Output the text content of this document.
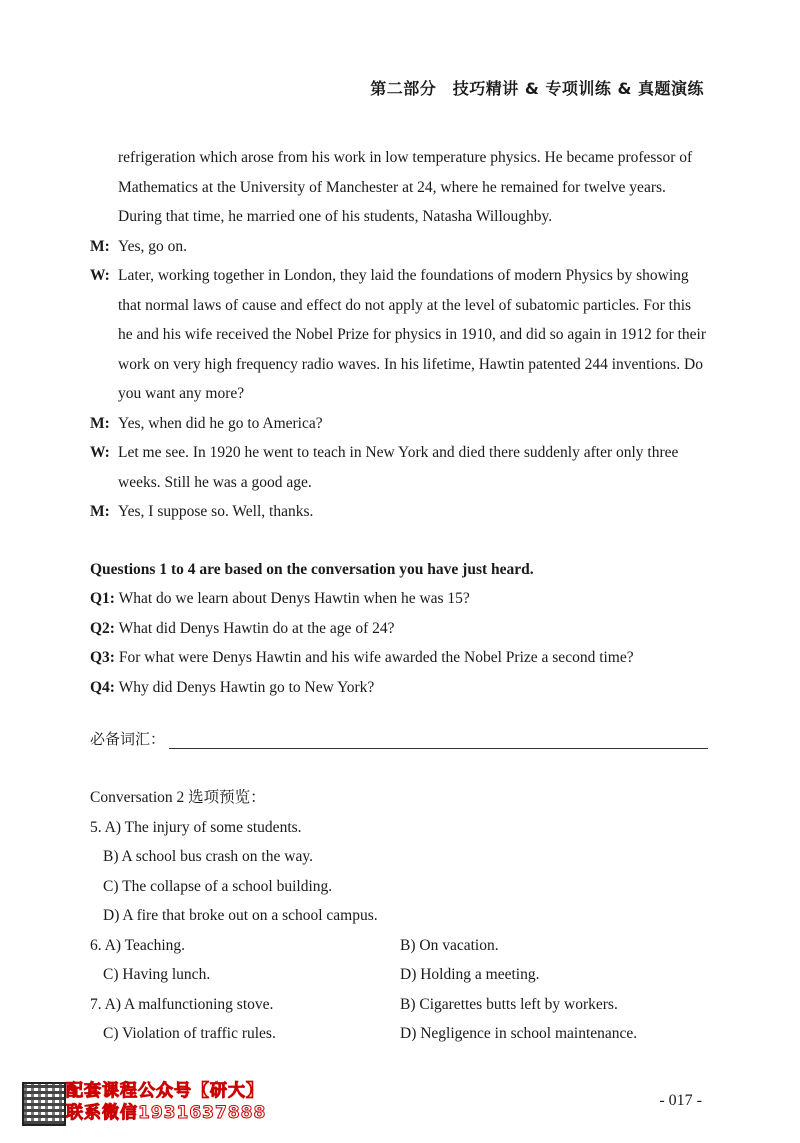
第二部分　技巧精讲 & 专项训练 & 真题演练
refrigeration which arose from his work in low temperature physics. He became professor of Mathematics at the University of Manchester at 24, where he remained for twelve years. During that time, he married one of his students, Natasha Willoughby.
M: Yes, go on.
W: Later, working together in London, they laid the foundations of modern Physics by showing that normal laws of cause and effect do not apply at the level of subatomic particles. For this he and his wife received the Nobel Prize for physics in 1910, and did so again in 1912 for their work on very high frequency radio waves. In his lifetime, Hawtin patented 244 inventions. Do you want any more?
M: Yes, when did he go to America?
W: Let me see. In 1920 he went to teach in New York and died there suddenly after only three weeks. Still he was a good age.
M: Yes, I suppose so. Well, thanks.
Questions 1 to 4 are based on the conversation you have just heard.
Q1: What do we learn about Denys Hawtin when he was 15?
Q2: What did Denys Hawtin do at the age of 24?
Q3: For what were Denys Hawtin and his wife awarded the Nobel Prize a second time?
Q4: Why did Denys Hawtin go to New York?
必备词汇：
Conversation 2 选项预览：
5. A) The injury of some students.
B) A school bus crash on the way.
C) The collapse of a school building.
D) A fire that broke out on a school campus.
6. A) Teaching.	B) On vacation.
C) Having lunch.	D) Holding a meeting.
7. A) A malfunctioning stove.	B) Cigarettes butts left by workers.
C) Violation of traffic rules.	D) Negligence in school maintenance.
配套课程公众号【研大】
联系微信1931637888
- 017 -
